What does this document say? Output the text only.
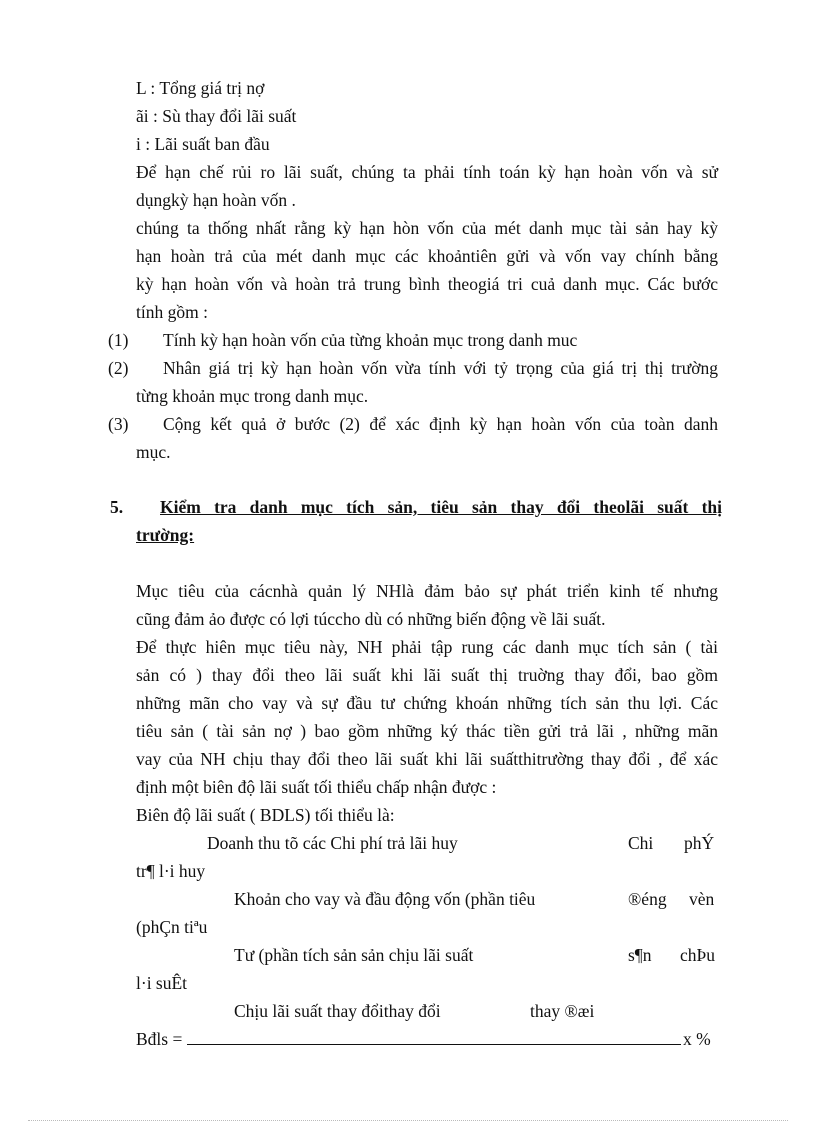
L : Tổng giá trị nợ
ãi : Sù thay đổi lãi suất
i : Lãi suất ban đầu
Để hạn chế rủi ro lãi suất, chúng ta phải tính toán kỳ hạn hoàn vốn và sử
dụngkỳ hạn hoàn vốn .
chúng ta thống nhất rằng kỳ hạn hòn vốn của mét danh mục tài sản hay kỳ
hạn hoàn trả của mét danh mục các khoảntiên gửi và vốn vay chính bằng
kỳ hạn hoàn vốn và hoàn trả trung bình theogiá tri cuả danh mục. Các bước
tính gồm :
(1) Tính kỳ hạn hoàn vốn của từng khoản mục trong danh muc
(2) Nhân giá trị kỳ hạn hoàn vốn vừa tính với tỷ trọng của giá trị thị trường
từng khoản mục trong danh mục.
(3) Cộng kết quả ở bước (2) để xác định kỳ hạn hoàn vốn của toàn danh
mục.
5. Kiểm tra danh mục tích sản, tiêu sản thay đổi theolãi suất thị
trường:
Mục tiêu của cácnhà quản lý NHlà đảm bảo sự phát triển kinh tế nhưng
cũng đảm ảo được có lợi túccho dù có những biến động về lãi suất.
Để thực hiên mục tiêu này, NH phải tập rung các danh mục tích sản ( tài
sản có ) thay đổi theo lãi suất khi lãi suất thị truờng thay đổi, bao gồm
những mãn cho vay và sự đầu tư chứng khoán những tích sản thu lợi. Các
tiêu sản ( tài sản nợ ) bao gồm những ký thác tiền gửi trả lãi , những mãn
vay của NH chịu thay đổi theo lãi suất khi lãi suấtthitrường thay đổi , để xác
định một biên độ lãi suất tối thiểu chấp nhận được :
Biên độ lãi suất ( BDLS) tối thiểu là:
Doanh thu tõ các Chi phí trả lãi huy	Chi phÝ
tr¶ l·i huy
Khoản cho vay và đầu động vốn (phần tiêu	®éng vèn
(phÇn tiªu
Tư (phần tích sản sản chịu lãi suất	s¶n chÞu
l·i suÊt
Chịu lãi suất thay đổithay đổi	thay ®æi
Bđls =	x %
